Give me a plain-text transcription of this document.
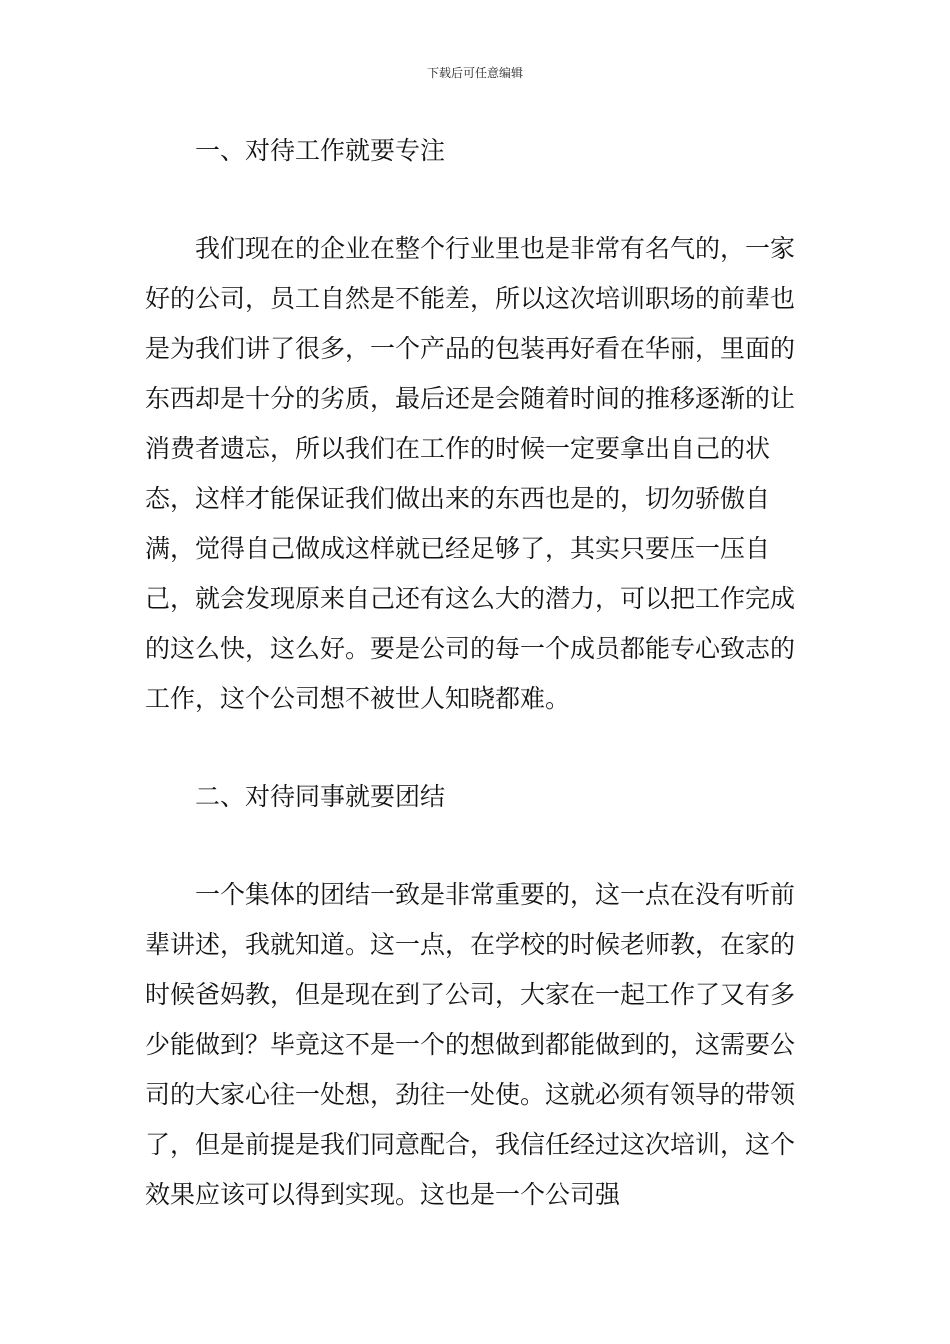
下载后可任意编辑
一、对待工作就要专注

我们现在的企业在整个行业里也是非常有名气的，一家好的公司，员工自然是不能差，所以这次培训职场的前辈也是为我们讲了很多，一个产品的包装再好看在华丽，里面的东西却是十分的劣质，最后还是会随着时间的推移逐渐的让消费者遗忘，所以我们在工作的时候一定要拿出自己的状态，这样才能保证我们做出来的东西也是的，切勿骄傲自满，觉得自己做成这样就已经足够了，其实只要压一压自己，就会发现原来自己还有这么大的潜力，可以把工作完成的这么快，这么好。要是公司的每一个成员都能专心致志的工作，这个公司想不被世人知晓都难。

二、对待同事就要团结

一个集体的团结一致是非常重要的，这一点在没有听前辈讲述，我就知道。这一点，在学校的时候老师教，在家的时候爸妈教，但是现在到了公司，大家在一起工作了又有多少能做到？毕竟这不是一个的想做到都能做到的，这需要公司的大家心往一处想，劲往一处使。这就必须有领导的带领了，但是前提是我们同意配合，我信任经过这次培训，这个效果应该可以得到实现。这也是一个公司强
